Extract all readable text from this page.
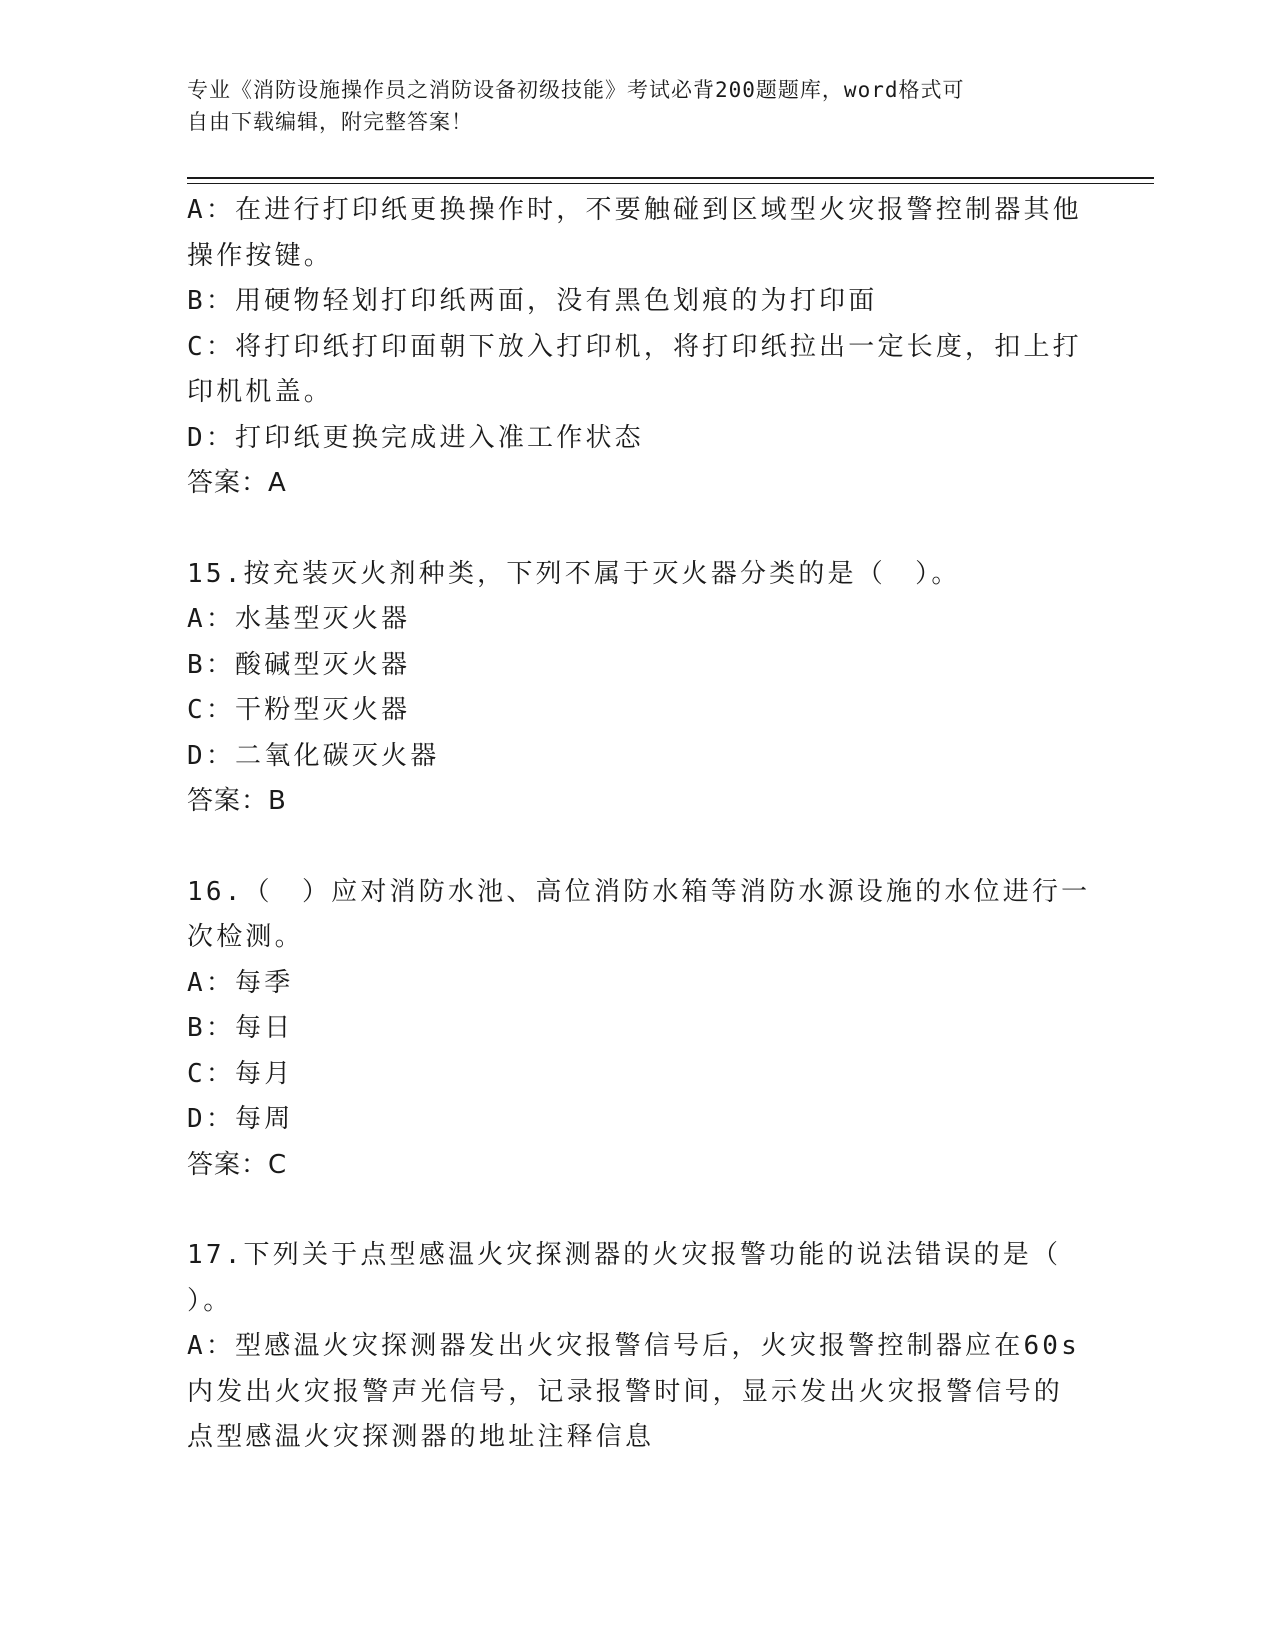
专业《消防设施操作员之消防设备初级技能》考试必背200题题库，word格式可
自由下载编辑，附完整答案！
A：在进行打印纸更换操作时，不要触碰到区域型火灾报警控制器其他
操作按键。
B：用硬物轻划打印纸两面，没有黑色划痕的为打印面
C：将打印纸打印面朝下放入打印机，将打印纸拉出一定长度，扣上打
印机机盖。
D：打印纸更换完成进入准工作状态
答案：A
15.按充装灭火剂种类，下列不属于灭火器分类的是（　）。
A：水基型灭火器
B：酸碱型灭火器
C：干粉型灭火器
D：二氧化碳灭火器
答案：B
16.（　）应对消防水池、高位消防水箱等消防水源设施的水位进行一
次检测。
A：每季
B：每日
C：每月
D：每周
答案：C
17.下列关于点型感温火灾探测器的火灾报警功能的说法错误的是（
）。
A：型感温火灾探测器发出火灾报警信号后，火灾报警控制器应在60s
内发出火灾报警声光信号，记录报警时间，显示发出火灾报警信号的
点型感温火灾探测器的地址注释信息
